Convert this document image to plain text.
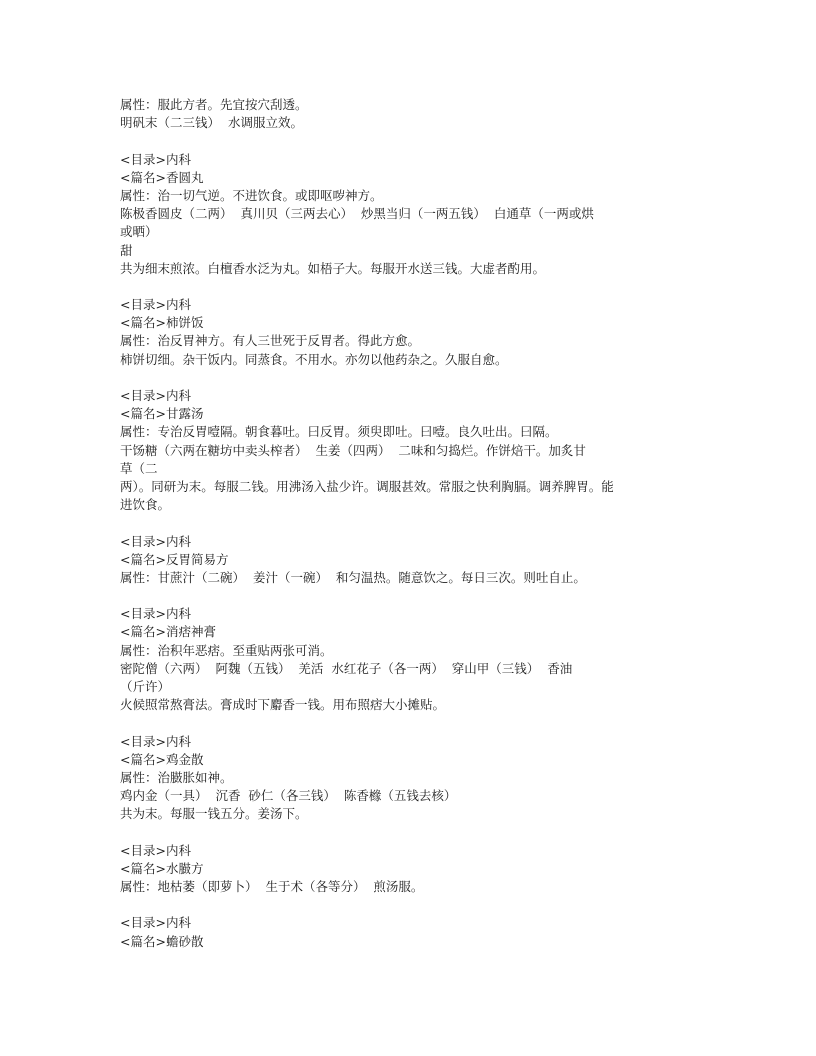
属性：服此方者。先宜按穴刮透。
明矾末（二三钱）  水调服立效。
<目录>内科
<篇名>香圆丸
属性：治一切气逆。不进饮食。或即呕哕神方。
陈极香圆皮（二两）  真川贝（三两去心）  炒黑当归（一两五钱）  白通草（一两或烘
或晒）
甜
共为细末煎浓。白檀香水泛为丸。如梧子大。每服开水送三钱。大虚者酌用。
<目录>内科
<篇名>柿饼饭
属性：治反胃神方。有人三世死于反胃者。得此方愈。
柿饼切细。杂干饭内。同蒸食。不用水。亦勿以他药杂之。久服自愈。
<目录>内科
<篇名>甘露汤
属性：专治反胃噎隔。朝食暮吐。曰反胃。须臾即吐。曰噎。良久吐出。曰隔。
干饧糖（六两在糖坊中卖头榨者）  生姜（四两）  二味和匀捣烂。作饼焙干。加炙甘
草（二
两）。同研为末。每服二钱。用沸汤入盐少许。调服甚效。常服之快利胸膈。调养脾胃。能
进饮食。
<目录>内科
<篇名>反胃简易方
属性：甘蔗汁（二碗）  姜汁（一碗）  和匀温热。随意饮之。每日三次。则吐自止。
<目录>内科
<篇名>消痞神膏
属性：治积年恶痞。至重贴两张可消。
密陀僧（六两）  阿魏（五钱）  羌活  水红花子（各一两）  穿山甲（三钱）  香油
（斤许）
火候照常熬膏法。膏成时下麝香一钱。用布照痞大小摊贴。
<目录>内科
<篇名>鸡金散
属性：治臌胀如神。
鸡内金（一具）  沉香  砂仁（各三钱）  陈香橼（五钱去核）
共为末。每服一钱五分。姜汤下。
<目录>内科
<篇名>水臌方
属性：地枯萎（即萝卜）  生于术（各等分）  煎汤服。
<目录>内科
<篇名>蟾砂散
